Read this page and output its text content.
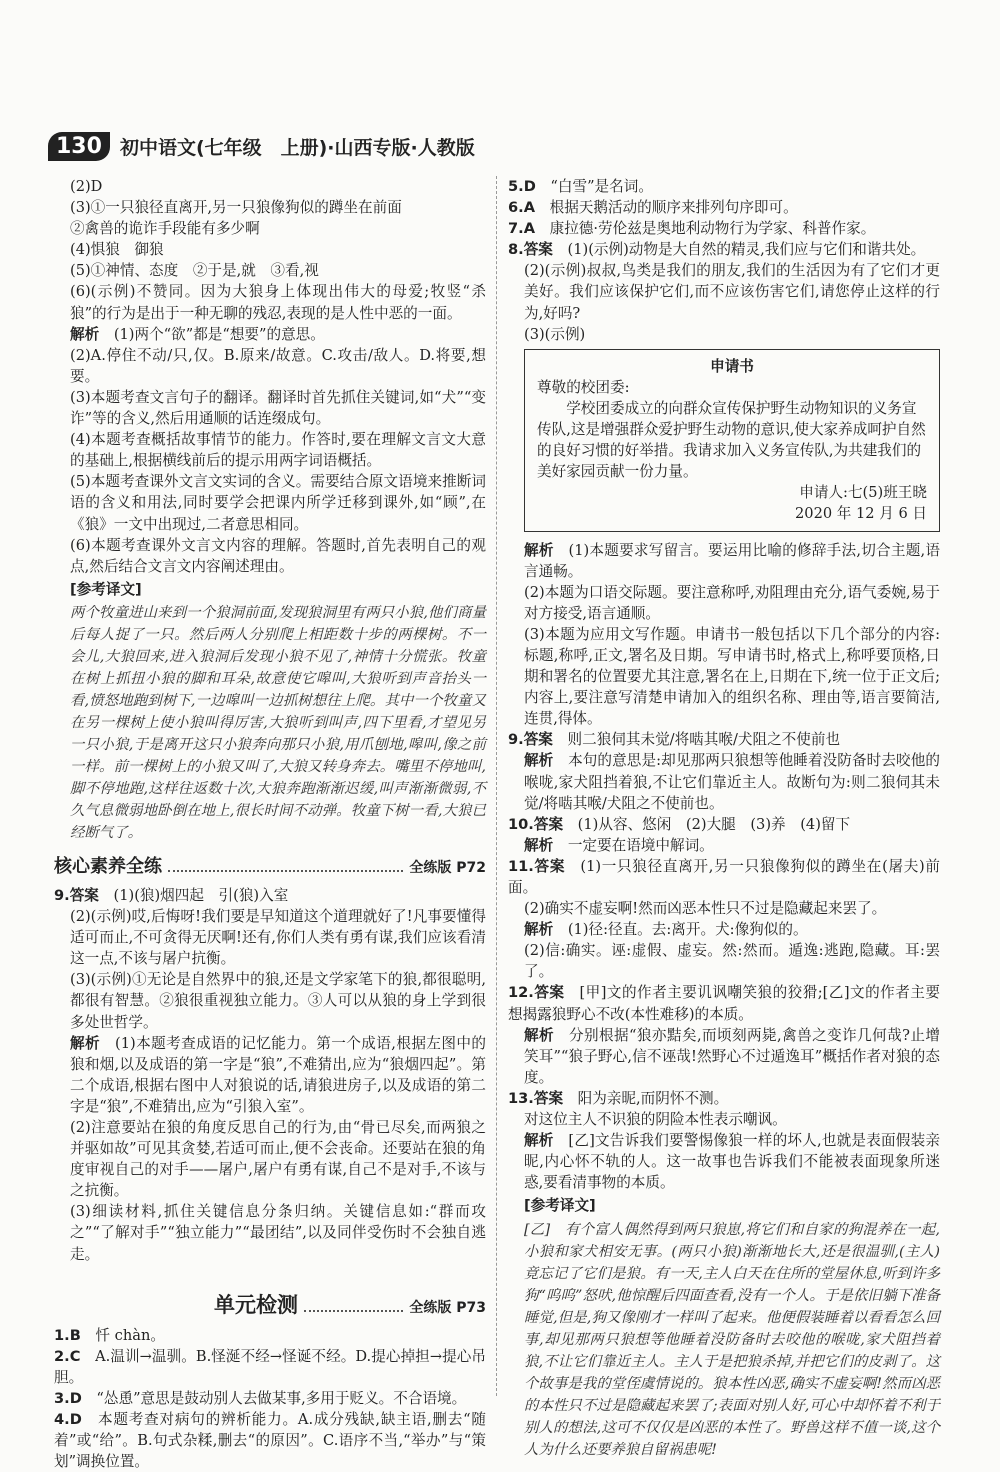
130 初中语文(七年级　上册)·山西专版·人教版

(2)D

(3)①一只狼径直离开,另一只狼像狗似的蹲坐在前面

②禽兽的诡诈手段能有多少啊

(4)惧狼　御狼

(5)①神情、态度　②于是,就　③看,视

(6)(示例)不赞同。因为大狼身上体现出伟大的母爱;牧竖“杀狼”的行为是出于一种无聊的残忍,表现的是人性中恶的一面。

解析　 (1)两个“欲”都是“想要”的意思。

(2)A.停住不动/只,仅。B.原来/故意。C.攻击/敌人。D.将要,想要。

(3)本题考查文言句子的翻译。翻译时首先抓住关键词,如“犬”“变诈”等的含义,然后用通顺的话连缀成句。

(4)本题考查概括故事情节的能力。作答时,要在理解文言文大意的基础上,根据横线前后的提示用两字词语概括。

(5)本题考查课外文言文实词的含义。需要结合原文语境来推断词语的含义和用法,同时要学会把课内所学迁移到课外,如“顾”,在《狼》一文中出现过,二者意思相同。

(6)本题考查课外文言文内容的理解。答题时,首先表明自己的观点,然后结合文言文内容阐述理由。

[参考译文]

两个牧童进山来到一个狼洞前面,发现狼洞里有两只小狼,他们商量后每人捉了一只。然后两人分别爬上相距数十步的两棵树。不一会儿,大狼回来,进入狼洞后发现小狼不见了,神情十分慌张。牧童在树上抓扭小狼的脚和耳朵,故意使它嗥叫,大狼听到声音抬头一看,愤怒地跑到树下,一边嗥叫一边抓树想往上爬。其中一个牧童又在另一棵树上使小狼叫得厉害,大狼听到叫声,四下里看,才望见另一只小狼,于是离开这只小狼奔向那只小狼,用爪刨地,嗥叫,像之前一样。前一棵树上的小狼又叫了,大狼又转身奔去。嘴里不停地叫,脚不停地跑,这样往返数十次,大狼奔跑渐渐迟缓,叫声渐渐微弱,不久气息微弱地卧倒在地上,很长时间不动弹。牧童下树一看,大狼已经断气了。

核心素养全练	全练版 P72

9.答案　 (1)(狼)烟四起　引(狼)入室

(2)(示例)哎,后悔呀!我们要是早知道这个道理就好了!凡事要懂得适可而止,不可贪得无厌啊!还有,你们人类有勇有谋,我们应该看清这一点,不该与屠户抗衡。

(3)(示例)①无论是自然界中的狼,还是文学家笔下的狼,都很聪明,都很有智慧。②狼很重视独立能力。③人可以从狼的身上学到很多处世哲学。

解析　 (1)本题考查成语的记忆能力。第一个成语,根据左图中的狼和烟,以及成语的第一字是“狼”,不难猜出,应为“狼烟四起”。第二个成语,根据右图中人对狼说的话,请狼进房子,以及成语的第二字是“狼”,不难猜出,应为“引狼入室”。

(2)注意要站在狼的角度反思自己的行为,由“骨已尽矣,而两狼之并驱如故”可见其贪婪,若适可而止,便不会丧命。还要站在狼的角度审视自己的对手——屠户,屠户有勇有谋,自己不是对手,不该与之抗衡。

(3)细读材料,抓住关键信息分条归纳。关键信息如:“群而攻之”“了解对手”“独立能力”“最团结”,以及同伴受伤时不会独自逃走。

单元检测	全练版 P73

1.B　 忏 chàn。

2.C　 A.温训→温驯。B.怪涎不经→怪诞不经。D.提心掉担→提心吊胆。

3.D　 “怂恿”意思是鼓动别人去做某事,多用于贬义。不合语境。

4.D　 本题考查对病句的辨析能力。A.成分残缺,缺主语,删去“随着”或“给”。B.句式杂糅,删去“的原因”。C.语序不当,“举办”与“策划”调换位置。

5.D　 “白雪”是名词。

6.A　 根据天鹅活动的顺序来排列句序即可。

7.A　 康拉德·劳伦兹是奥地利动物行为学家、科普作家。

8.答案　 (1)(示例)动物是大自然的精灵,我们应与它们和谐共处。

(2)(示例)叔叔,鸟类是我们的朋友,我们的生活因为有了它们才更美好。我们应该保护它们,而不应该伤害它们,请您停止这样的行为,好吗?

(3)(示例)

申请书
尊敬的校团委:
学校团委成立的向群众宣传保护野生动物知识的义务宣传队,这是增强群众爱护野生动物的意识,使大家养成呵护自然的良好习惯的好举措。我请求加入义务宣传队,为共建我们的美好家园贡献一份力量。
申请人:七(5)班王晓
2020 年 12 月 6 日

解析　 (1)本题要求写留言。要运用比喻的修辞手法,切合主题,语言通畅。

(2)本题为口语交际题。要注意称呼,劝阻理由充分,语气委婉,易于对方接受,语言通顺。

(3)本题为应用文写作题。申请书一般包括以下几个部分的内容:标题,称呼,正文,署名及日期。写申请书时,格式上,称呼要顶格,日期和署名的位置要尤其注意,署名在上,日期在下,统一位于正文后;内容上,要注意写清楚申请加入的组织名称、理由等,语言要简洁,连贯,得体。

9.答案　 则二狼伺其未觉/将啮其喉/犬阻之不使前也

解析　 本句的意思是:却见那两只狼想等他睡着没防备时去咬他的喉咙,家犬阻挡着狼,不让它们靠近主人。故断句为:则二狼伺其未觉/将啮其喉/犬阻之不使前也。

10.答案　 (1)从容、悠闲　(2)大腿　(3)养　(4)留下

解析　 一定要在语境中解词。

11.答案　 (1)一只狼径直离开,另一只狼像狗似的蹲坐在(屠夫)前面。

(2)确实不虚妄啊!然而凶恶本性只不过是隐藏起来罢了。

解析　 (1)径:径直。去:离开。犬:像狗似的。

(2)信:确实。诬:虚假、虚妄。然:然而。遁逸:逃跑,隐藏。耳:罢了。

12.答案　 [甲]文的作者主要讥讽嘲笑狼的狡猾;[乙]文的作者主要想揭露狼野心不改(本性难移)的本质。

解析　 分别根据“狼亦黠矣,而顷刻两毙,禽兽之变诈几何哉?止增笑耳”“狼子野心,信不诬哉!然野心不过遁逸耳”概括作者对狼的态度。

13.答案　 阳为亲昵,而阴怀不测。

对这位主人不识狼的阴险本性表示嘲讽。

解析　 [乙]文告诉我们要警惕像狼一样的坏人,也就是表面假装亲昵,内心怀不轨的人。这一故事也告诉我们不能被表面现象所迷惑,要看清事物的本质。

[参考译文]

[乙]　有个富人偶然得到两只狼崽,将它们和自家的狗混养在一起,小狼和家犬相安无事。(两只小狼)渐渐地长大,还是很温驯,(主人)竟忘记了它们是狼。有一天,主人白天在住所的堂屋休息,听到许多狗“呜呜”怒吠,他惊醒后四面查看,没有一个人。于是依旧躺下准备睡觉,但是,狗又像刚才一样叫了起来。他便假装睡着以看看怎么回事,却见那两只狼想等他睡着没防备时去咬他的喉咙,家犬阻挡着狼,不让它们靠近主人。主人于是把狼杀掉,并把它们的皮剥了。这个故事是我的堂侄虞情说的。狼本性凶恶,确实不虚妄啊!然而凶恶的本性只不过是隐藏起来罢了;表面对别人好,可心中却怀着不利于别人的想法,这可不仅仅是凶恶的本性了。野兽这样不值一谈,这个人为什么还要养狼自留祸患呢!
